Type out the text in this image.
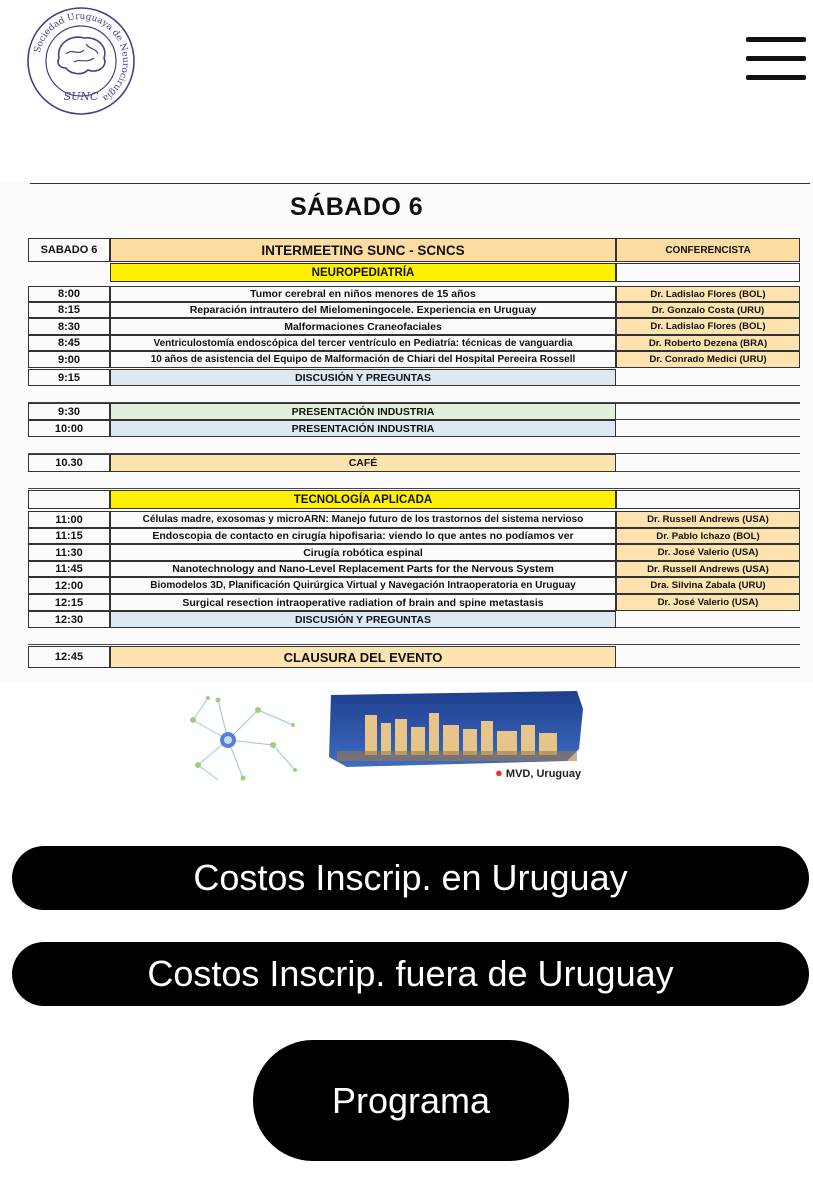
Sociedad Uruguaya de Neurocirugía
SUNC
SÁBADO 6
SABADO 6	INTERMEETING SUNC - SCNCS	CONFERENCISTA
NEUROPEDIATRÍA
8:00	Tumor cerebral en niños menores de 15 años	Dr. Ladislao Flores (BOL)
8:15	Reparación intrautero del Mielomeningocele. Experiencia en Uruguay	Dr. Gonzalo Costa (URU)
8:30	Malformaciones Craneofaciales	Dr. Ladislao Flores (BOL)
8:45	Ventriculostomía endoscópica del tercer ventrículo en Pediatría: técnicas de vanguardia	Dr. Roberto Dezena (BRA)
9:00	10 años de asistencia del Equipo de Malformación de Chiari del Hospital Pereeira Rossell	Dr. Conrado Medici (URU)
9:15	DISCUSIÓN Y PREGUNTAS
9:30	PRESENTACIÓN INDUSTRIA
10:00	PRESENTACIÓN INDUSTRIA
10.30	CAFÉ
TECNOLOGÍA APLICADA
11:00	Células madre, exosomas y microARN: Manejo futuro de los trastornos del sistema nervioso	Dr. Russell Andrews (USA)
11:15	Endoscopia de contacto en cirugía hipofisaria: viendo lo que antes no podíamos ver	Dr. Pablo Ichazo (BOL)
11:30	Cirugía robótica espinal	Dr. José Valerio (USA)
11:45	Nanotechnology and Nano-Level Replacement Parts for the Nervous System	Dr. Russell Andrews (USA)
12:00	Biomodelos 3D, Planificación Quirúrgica Virtual y Navegación Intraoperatoria en Uruguay	Dra. Silvina Zabala (URU)
12:15	Surgical resection intraoperative radiation of brain and spine metastasis	Dr. José Valerio (USA)
12:30	DISCUSIÓN Y PREGUNTAS
12:45	CLAUSURA DEL EVENTO
● MVD, Uruguay
Costos Inscrip. en Uruguay
Costos Inscrip. fuera de Uruguay
Programa
